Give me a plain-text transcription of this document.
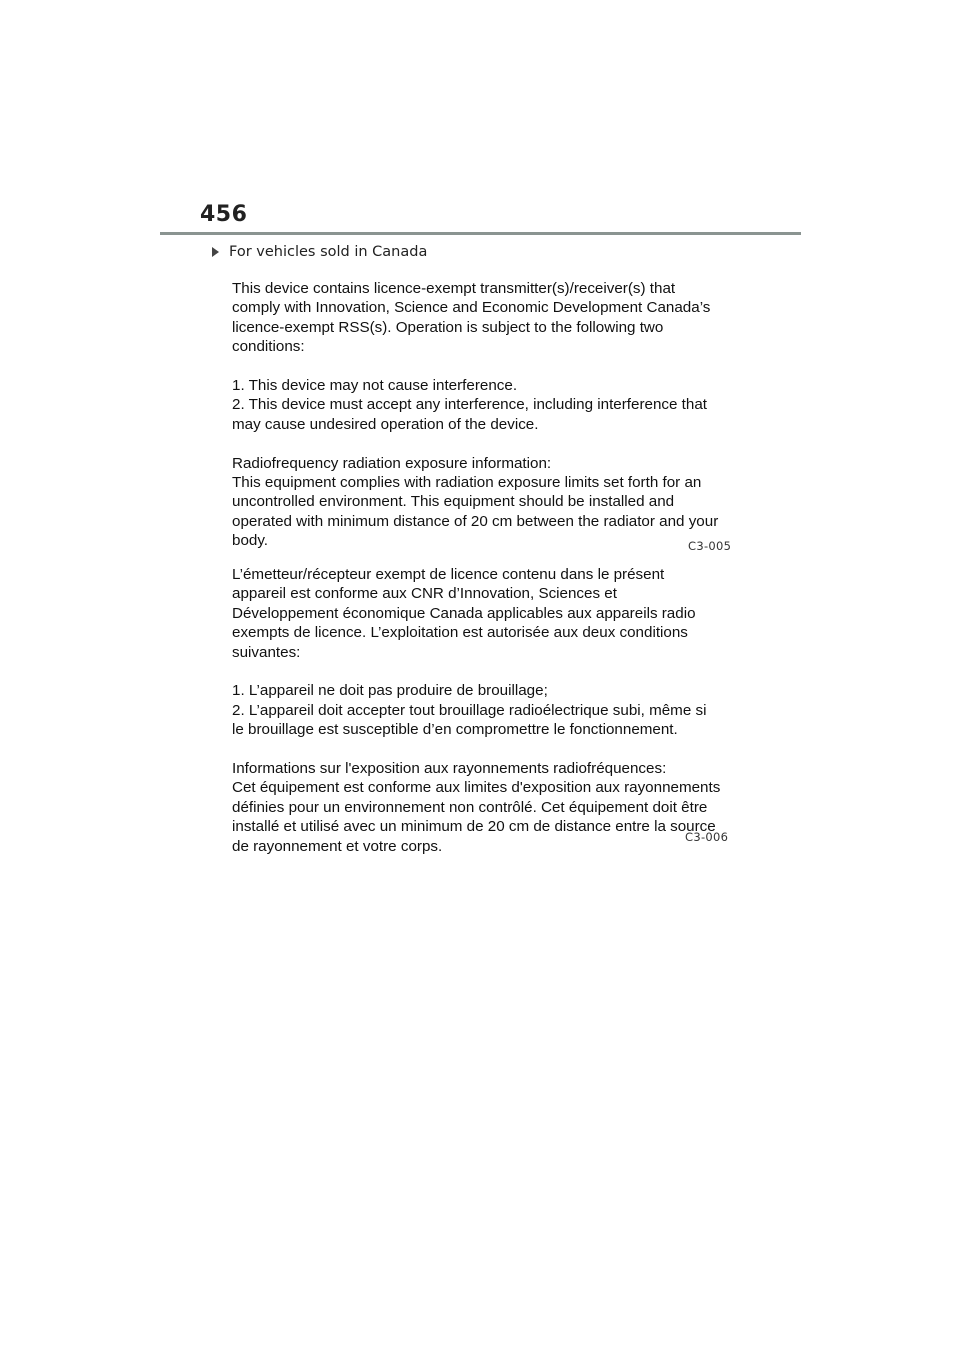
456
For vehicles sold in Canada

This device contains licence-exempt transmitter(s)/receiver(s) that

comply with Innovation, Science and Economic Development Canada’s

licence-exempt RSS(s). Operation is subject to the following two

conditions:

1. This device may not cause interference.

2. This device must accept any interference, including interference that

may cause undesired operation of the device.

Radiofrequency radiation exposure information:

This equipment complies with radiation exposure limits set forth for an

uncontrolled environment. This equipment should be installed and

operated with minimum distance of 20 cm between the radiator and your

body.	C3-005

L’émetteur/récepteur exempt de licence contenu dans le présent

appareil est conforme aux CNR d’Innovation, Sciences et

Développement économique Canada applicables aux appareils radio

exempts de licence. L’exploitation est autorisée aux deux conditions

suivantes:

1. L’appareil ne doit pas produire de brouillage;

2. L’appareil doit accepter tout brouillage radioélectrique subi, même si

le brouillage est susceptible d’en compromettre le fonctionnement.

Informations sur l'exposition aux rayonnements radiofréquences:

Cet équipement est conforme aux limites d'exposition aux rayonnements

définies pour un environnement non contrôlé. Cet équipement doit être

installé et utilisé avec un minimum de 20 cm de distance entre la source

de rayonnement et votre corps.

C3-006
